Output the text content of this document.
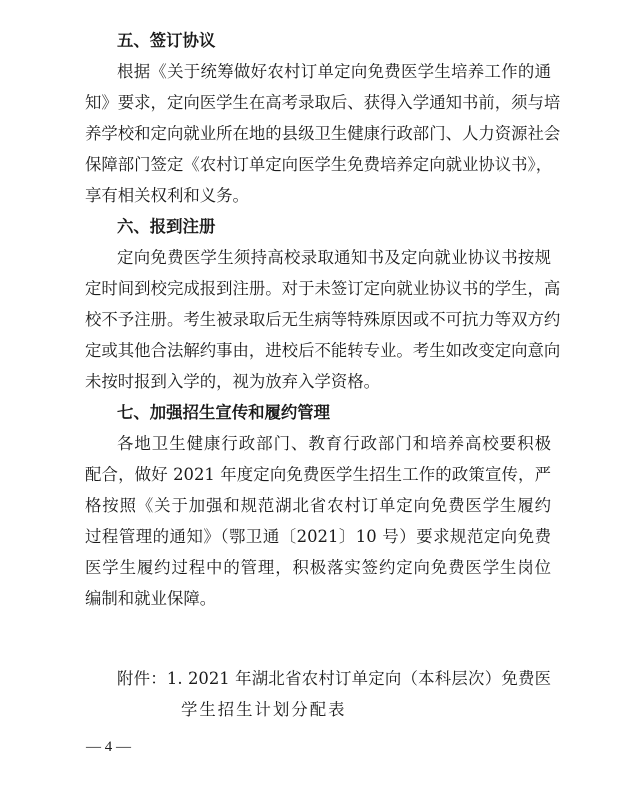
五、签订协议
根据《关于统筹做好农村订单定向免费医学生培养工作的通
知》要求，定向医学生在高考录取后、获得入学通知书前，须与培
养学校和定向就业所在地的县级卫生健康行政部门、人力资源社会
保障部门签定《农村订单定向医学生免费培养定向就业协议书》，
享有相关权利和义务。
六、报到注册
定向免费医学生须持高校录取通知书及定向就业协议书按规
定时间到校完成报到注册。对于未签订定向就业协议书的学生，高
校不予注册。考生被录取后无生病等特殊原因或不可抗力等双方约
定或其他合法解约事由，进校后不能转专业。考生如改变定向意向
未按时报到入学的，视为放弃入学资格。
七、加强招生宣传和履约管理
各地卫生健康行政部门、教育行政部门和培养高校要积极
配合，做好 2021 年度定向免费医学生招生工作的政策宣传，严
格按照《关于加强和规范湖北省农村订单定向免费医学生履约
过程管理的通知》（鄂卫通〔2021〕10 号）要求规范定向免费
医学生履约过程中的管理，积极落实签约定向免费医学生岗位
编制和就业保障。
附件：1. 2021 年湖北省农村订单定向（本科层次）免费医
学生招生计划分配表
— 4 —
